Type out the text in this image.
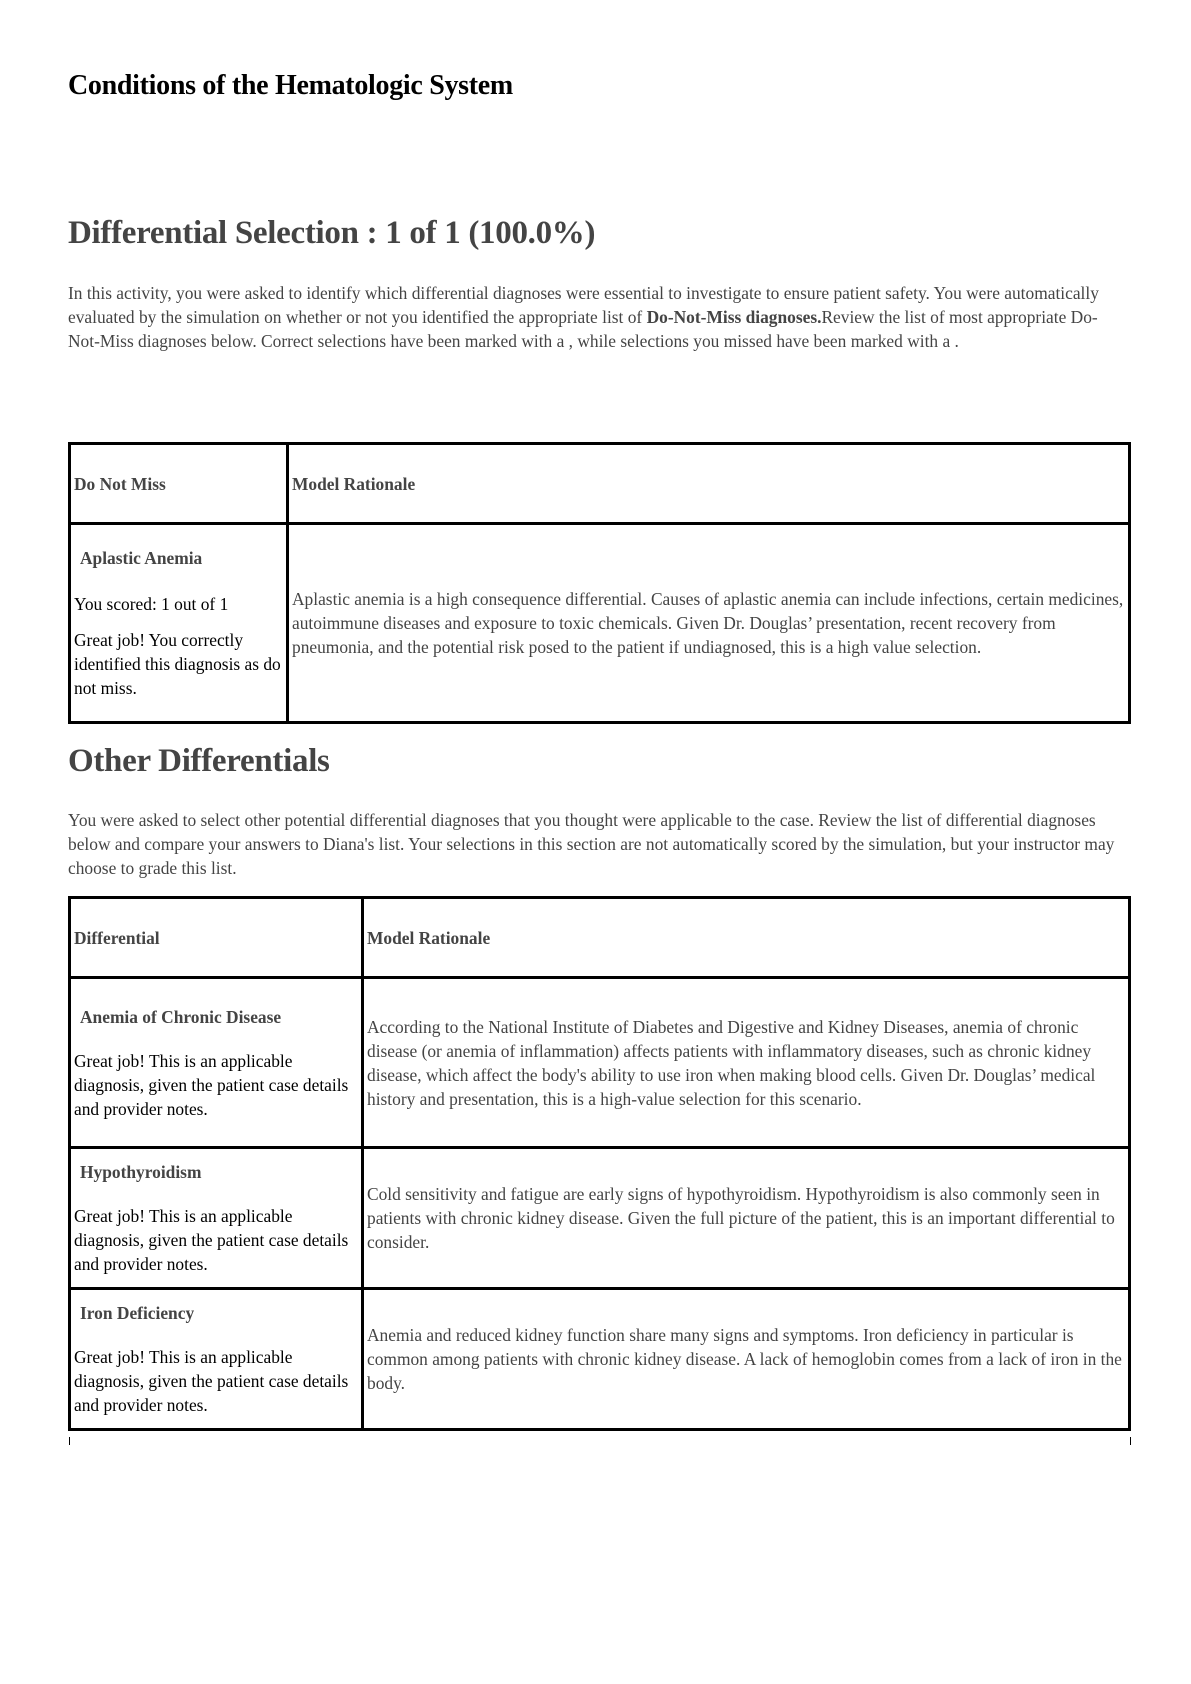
Conditions of the Hematologic System
Differential Selection : 1 of 1 (100.0%)

In this activity, you were asked to identify which differential diagnoses were essential to investigate to ensure patient safety. You were automatically evaluated by the simulation on whether or not you identified the appropriate list of Do-Not-Miss diagnoses.Review the list of most appropriate Do-Not-Miss diagnoses below. Correct selections have been marked with a , while selections you missed have been marked with a .

Do Not Miss	Model Rationale

Aplastic Anemia

You scored: 1 out of 1

Great job! You correctly identified this diagnosis as do not miss.

	Aplastic anemia is a high consequence differential. Causes of aplastic anemia can include infections, certain medicines, autoimmune diseases and exposure to toxic chemicals. Given Dr. Douglas’ presentation, recent recovery from pneumonia, and the potential risk posed to the patient if undiagnosed, this is a high value selection.
Other Differentials

You were asked to select other potential differential diagnoses that you thought were applicable to the case. Review the list of differential diagnoses below and compare your answers to Diana's list. Your selections in this section are not automatically scored by the simulation, but your instructor may choose to grade this list.

Differential	Model Rationale

Anemia of Chronic Disease

Great job! This is an applicable diagnosis, given the patient case details and provider notes.	According to the National Institute of Diabetes and Digestive and Kidney Diseases, anemia of chronic disease (or anemia of inflammation) affects patients with inflammatory diseases, such as chronic kidney disease, which affect the body's ability to use iron when making blood cells. Given Dr. Douglas’ medical history and presentation, this is a high-value selection for this scenario.

Hypothyroidism

Great job! This is an applicable diagnosis, given the patient case details and provider notes.	Cold sensitivity and fatigue are early signs of hypothyroidism. Hypothyroidism is also commonly seen in patients with chronic kidney disease. Given the full picture of the patient, this is an important differential to consider.

Iron Deficiency

Great job! This is an applicable diagnosis, given the patient case details and provider notes.	Anemia and reduced kidney function share many signs and symptoms. Iron deficiency in particular is common among patients with chronic kidney disease. A lack of hemoglobin comes from a lack of iron in the body.
